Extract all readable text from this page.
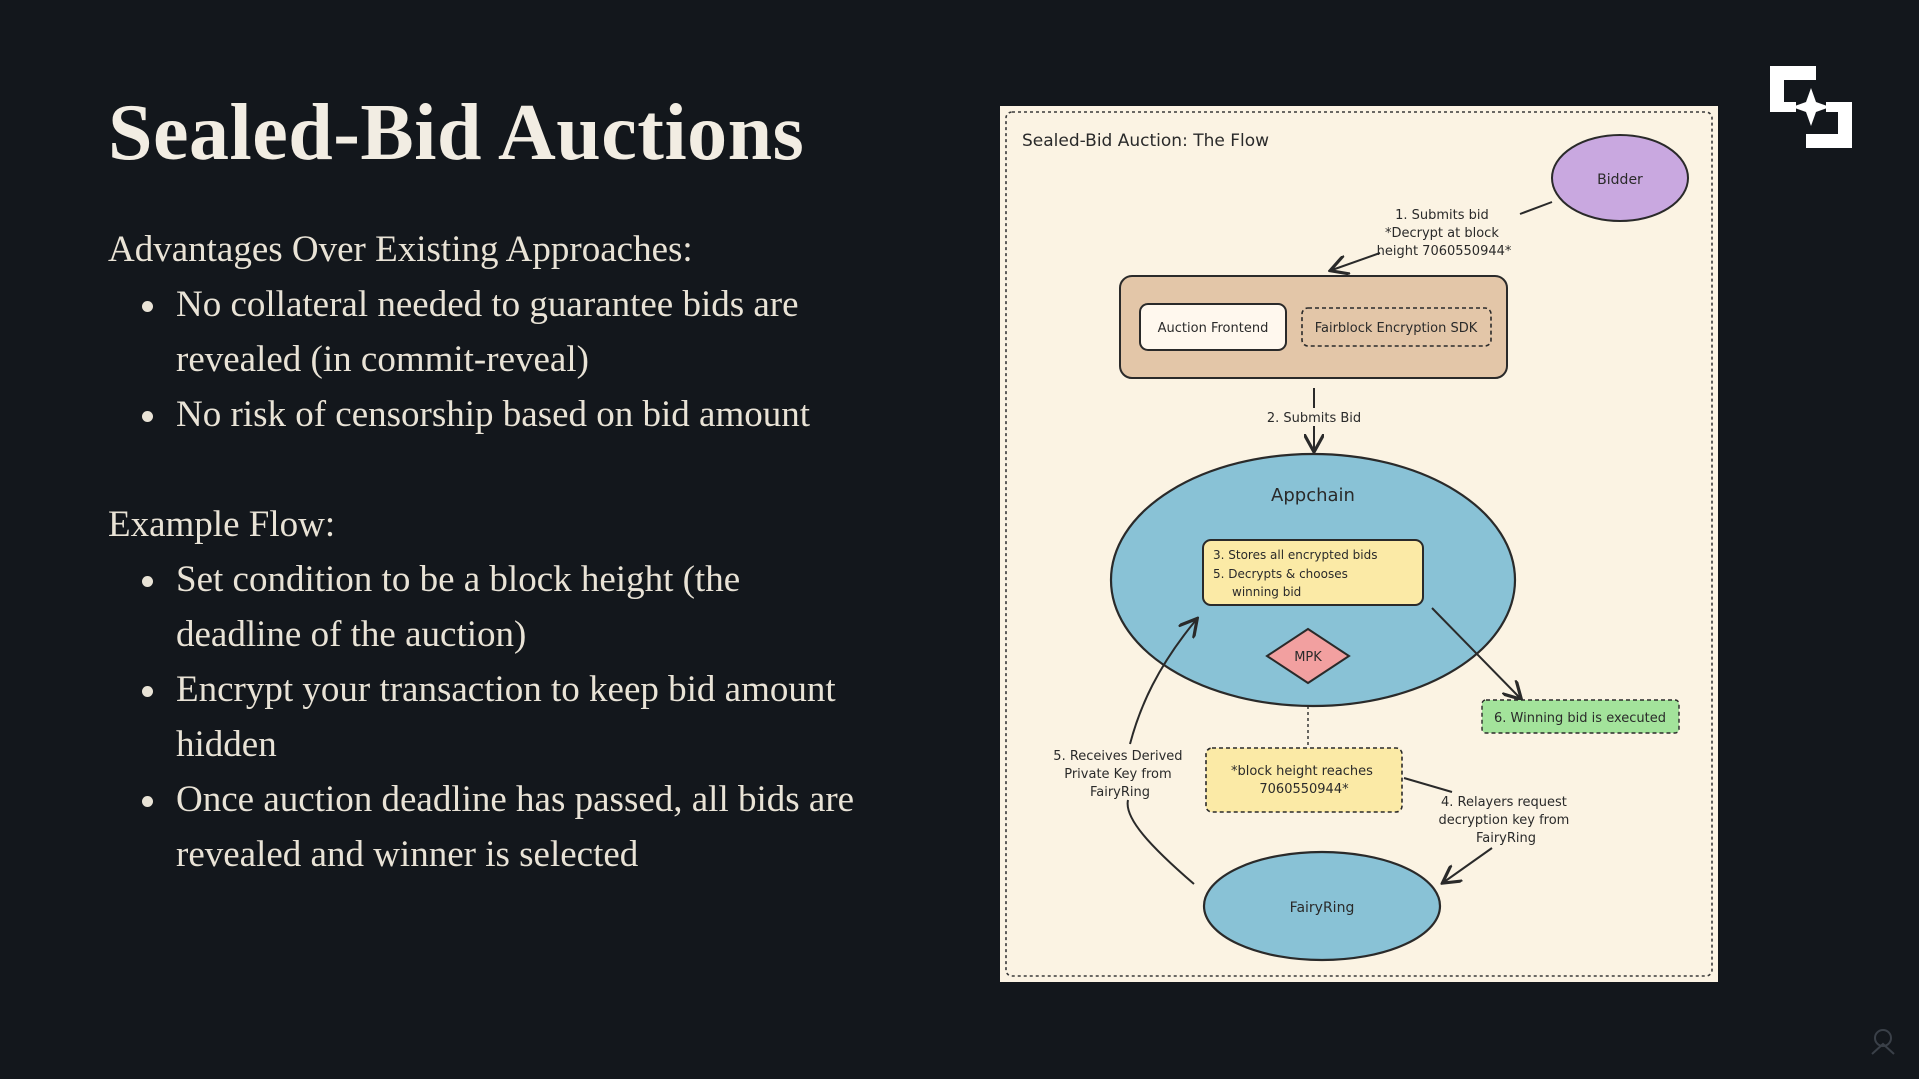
Sealed-Bid Auctions

Advantages Over Existing Approaches:

No collateral needed to guarantee bids are
revealed (in commit-reveal)
No risk of censorship based on bid amount

Example Flow:

Set condition to be a block height (the
deadline of the auction)
Encrypt your transaction to keep bid amount
hidden
Once auction deadline has passed, all bids are
revealed and winner is selected
Sealed-Bid Auction: The Flow
Bidder
1. Submits bid *Decrypt at block height 7060550944*
Auction Frontend	Fairblock Encryption SDK
2. Submits Bid
Appchain
3. Stores all encrypted bids 5. Decrypts & chooses winning bid
MPK
6. Winning bid is executed
*block height reaches 7060550944*
5. Receives Derived Private Key from FairyRing
4. Relayers request decryption key from FairyRing
FairyRing
